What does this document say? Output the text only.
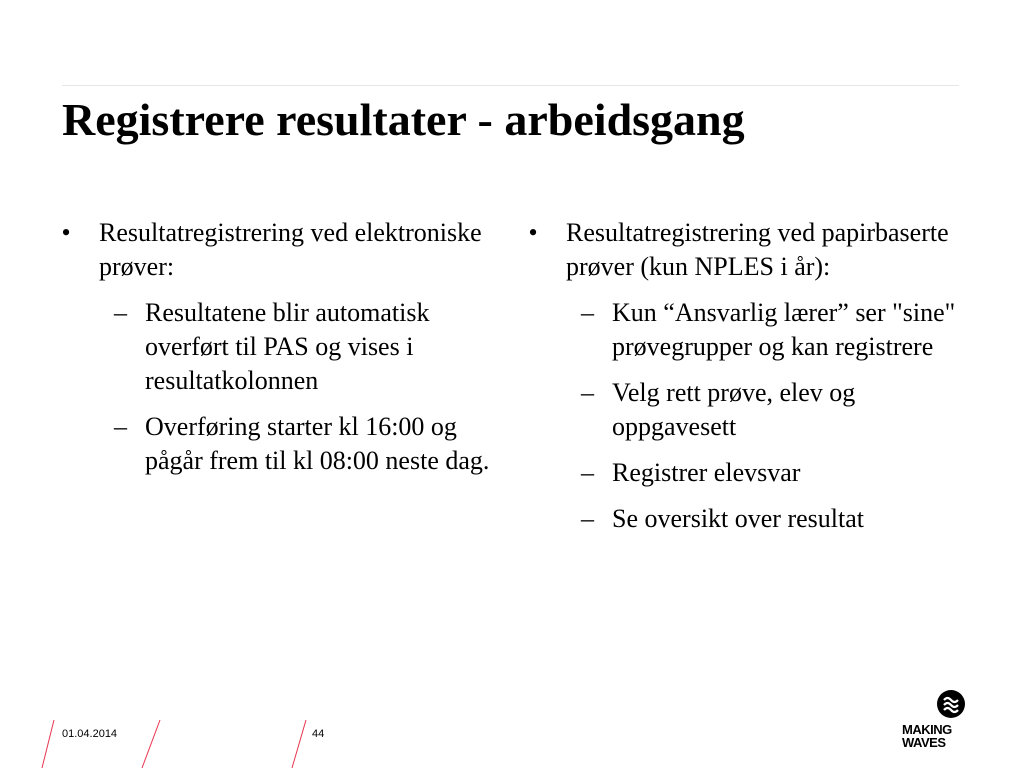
Registrere resultater - arbeidsgang
• Resultatregistrering ved elektroniske prøver:
– Resultatene blir automatisk overført til PAS og vises i resultatkolonnen
– Overføring starter kl 16:00 og pågår frem til kl 08:00 neste dag.
• Resultatregistrering ved papirbaserte prøver (kun NPLES i år):
– Kun “Ansvarlig lærer” ser "sine" prøvegrupper og kan registrere
– Velg rett prøve, elev og oppgavesett
– Registrer elevsvar
– Se oversikt over resultat
01.04.2014	44	MAKING
WAVES
